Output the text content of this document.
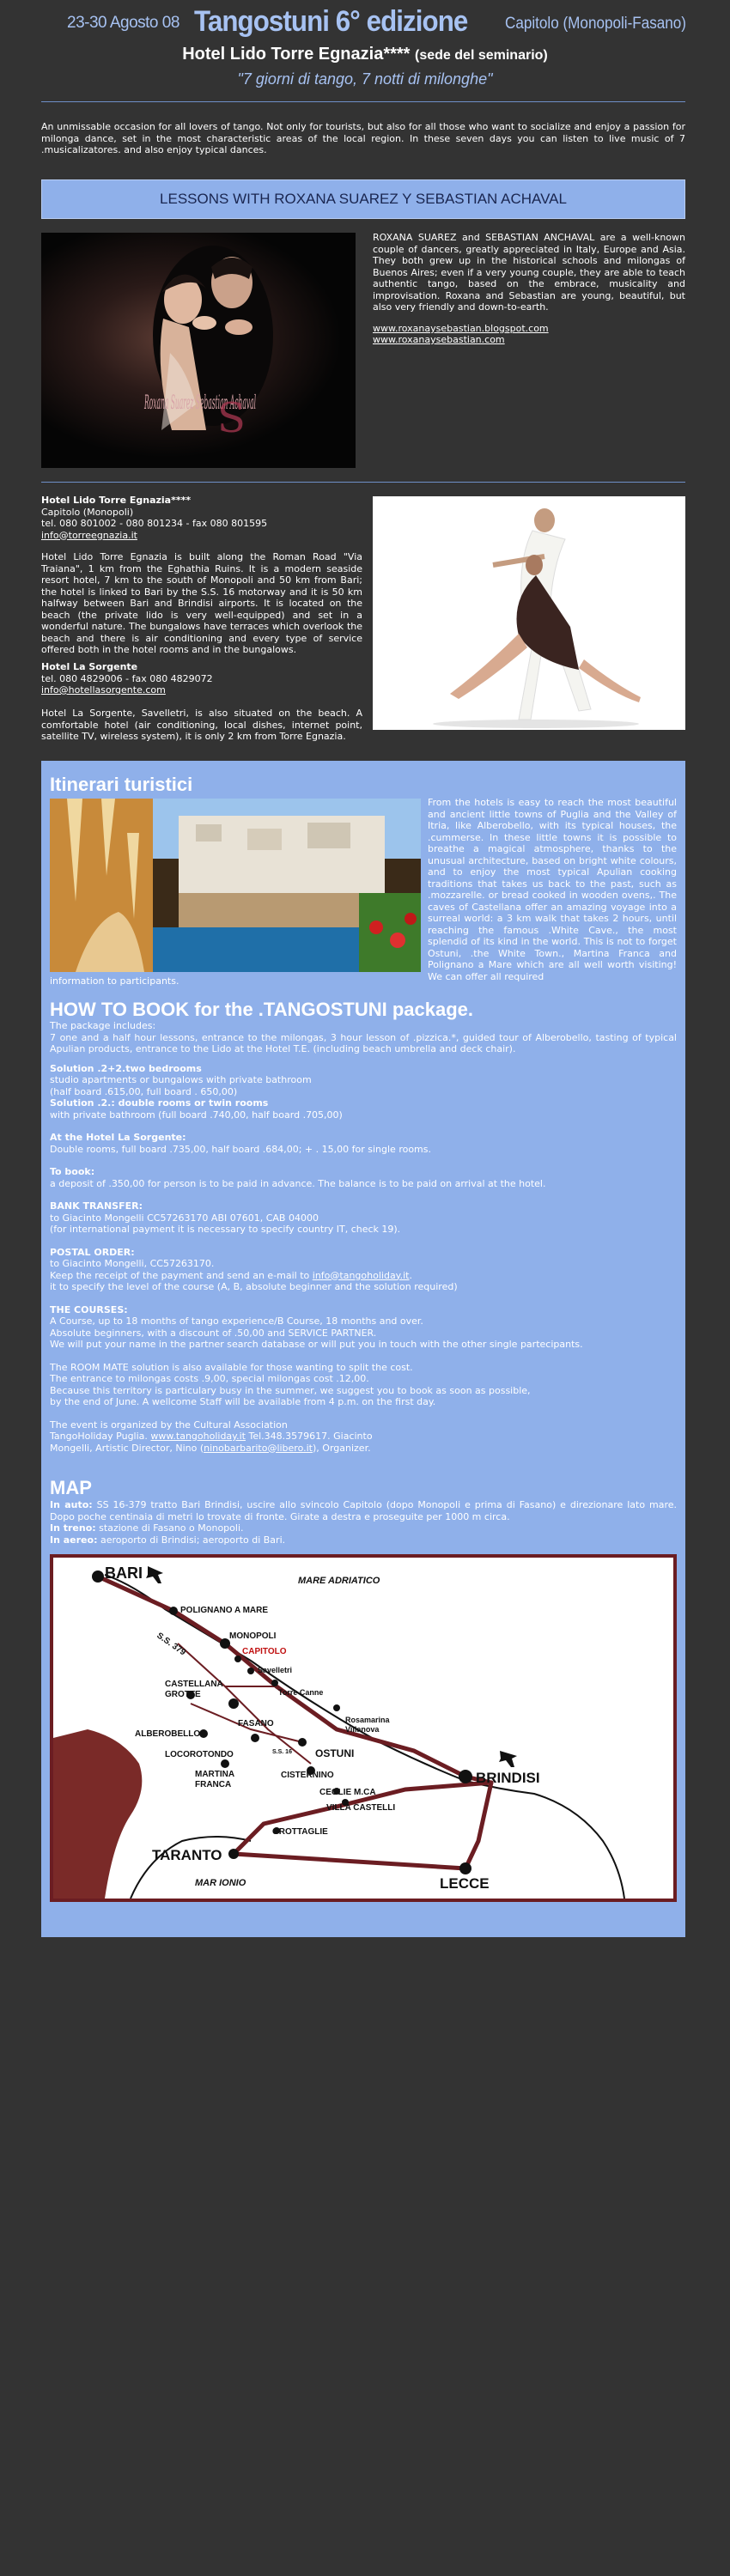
23-30 Agosto 08 Tangostuni 6° edizione Capitolo (Monopoli-Fasano)
Hotel Lido Torre Egnazia**** (sede del seminario)
"7 giorni di tango, 7 notti di milonghe"
An unmissable occasion for all lovers of tango. Not only for tourists, but also for all those who want to socialize and enjoy a passion for milonga dance, set in the most characteristic areas of the local region. In these seven days you can listen to live music of 7 .musicalizatores. and also enjoy typical dances.
LESSONS WITH ROXANA SUAREZ Y SEBASTIAN ACHAVAL
Roxana Suarez Sebastian Achaval
S
ROXANA SUAREZ and SEBASTIAN ANCHAVAL are a well-known couple of dancers, greatly appreciated in Italy, Europe and Asia. They both grew up in the historical schools and milongas of Buenos Aires; even if a very young couple, they are able to teach authentic tango, based on the embrace, musicality and improvisation. Roxana and Sebastian are young, beautiful, but also very friendly and down-to-earth.
www.roxanaysebastian.blogspot.com
www.roxanaysebastian.com
Hotel Lido Torre Egnazia****
Capitolo (Monopoli)
tel. 080 801002 - 080 801234 - fax 080 801595
info@torreegnazia.it
Hotel Lido Torre Egnazia is built along the Roman Road "Via Traiana", 1 km from the Eghathia Ruins. It is a modern seaside resort hotel, 7 km to the south of Monopoli and 50 km from Bari; the hotel is linked to Bari by the S.S. 16 motorway and it is 50 km halfway between Bari and Brindisi airports. It is located on the beach (the private lido is very well-equipped) and set in a wonderful nature. The bungalows have terraces which overlook the beach and there is air conditioning and every type of service offered both in the hotel rooms and in the bungalows.
Hotel La Sorgente
tel. 080 4829006 - fax 080 4829072
info@hotellasorgente.com
Hotel La Sorgente, Savelletri, is also situated on the beach. A comfortable hotel (air conditioning, local dishes, internet point, satellite TV, wireless system), it is only 2 km from Torre Egnazia.
Itinerari turistici
From the hotels is easy to reach the most beautiful and ancient little towns of Puglia and the Valley of Itria, like Alberobello, with its typical houses, the .cummerse. In these little towns it is possible to breathe a magical atmosphere, thanks to the unusual architecture, based on bright white colours, and to enjoy the most typical Apulian cooking traditions that takes us back to the past, such as .mozzarelle. or bread cooked in wooden ovens,. The caves of Castellana offer an amazing voyage into a surreal world: a 3 km walk that takes 2 hours, until reaching the famous .White Cave., the most splendid of its kind in the world. This is not to forget Ostuni, .the White Town., Martina Franca and Polignano a Mare which are all well worth visiting! We can offer all required
information to participants.
HOW TO BOOK for the .TANGOSTUNI package.
The package includes:

7 one and a half hour lessons, entrance to the milongas, 3 hour lesson of .pizzica.*, guided tour of Alberobello, tasting of typical Apulian products, entrance to the Lido at the Hotel T.E. (including beach umbrella and deck chair).
Solution .2+2.two bedrooms
studio apartments or bungalows with private bathroom
(half board .615,00, full board . 650,00)
Solution .2.: double rooms or twin rooms
with private bathroom (full board .740,00, half board .705,00)
At the Hotel La Sorgente:
Double rooms, full board .735,00, half board .684,00; + . 15,00 for single rooms.
To book:
a deposit of .350,00 for person is to be paid in advance. The balance is to be paid on arrival at the hotel.
BANK TRANSFER:
to Giacinto Mongelli CC57263170 ABI 07601, CAB 04000
(for international payment it is necessary to specify country IT, check 19).
POSTAL ORDER:
to Giacinto Mongelli, CC57263170.
Keep the receipt of the payment and send an e-mail to info@tangoholiday.it.
it to specify the level of the course (A, B, absolute beginner and the solution required)
THE COURSES:
A Course, up to 18 months of tango experience/B Course, 18 months and over.
Absolute beginners, with a discount of .50,00 and SERVICE PARTNER.
We will put your name in the partner search database or will put you in touch with the other single partecipants.
The ROOM MATE solution is also available for those wanting to split the cost.
The entrance to milongas costs .9,00, special milongas cost .12,00.
Because this territory is particulary busy in the summer, we suggest you to book as soon as possible,
by the end of June. A wellcome Staff will be available from 4 p.m. on the first day.
The event is organized by the Cultural Association
TangoHoliday Puglia. www.tangoholiday.it Tel.348.3579617. Giacinto
Mongelli, Artistic Director, Nino (ninobarbarito@libero.it), Organizer.
MAP
In auto: SS 16-379 tratto Bari Brindisi, uscire allo svincolo Capitolo (dopo Monopoli e prima di Fasano) e direzionare lato mare. Dopo poche centinaia di metri lo trovate di fronte. Girate a destra e proseguite per 1000 m circa.
In treno: stazione di Fasano o Monopoli.
In aereo: aeroporto di Brindisi; aeroporto di Bari.
BARI	MARE ADRIATICO
POLIGNANO A MARE
MONOPOLI
S.S. 379	CAPITOLO
Savelletri
CASTELLANA
GROTTE	Torre Canne
ALBEROBELLO
FASANO	Rosamarina
Villanova
LOCOROTONDO	OSTUNI
S.S. 16
BRINDISI
MARTINA
FRANCA
CISTERNINO
CEGLIE M.CA
VILLA CASTELLI
GROTTAGLIE
TARANTO
LECCE
MAR IONIO
